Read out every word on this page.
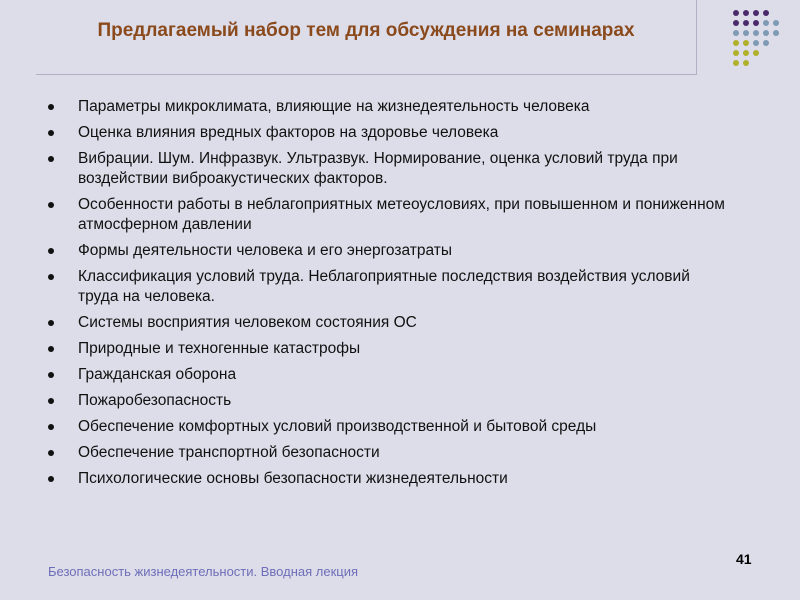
Предлагаемый набор тем для обсуждения на семинарах
Параметры микроклимата, влияющие на жизнедеятельность человека
Оценка влияния вредных факторов на здоровье человека
Вибрации. Шум. Инфразвук. Ультразвук. Нормирование, оценка условий труда при воздействии виброакустических факторов.
Особенности работы в неблагоприятных метеоусловиях, при повышенном и пониженном атмосферном давлении
Формы деятельности человека и его энергозатраты
Классификация условий труда. Неблагоприятные последствия воздействия условий труда на человека.
Системы восприятия человеком состояния ОС
Природные и техногенные катастрофы
Гражданская оборона
Пожаробезопасность
Обеспечение комфортных условий производственной и бытовой среды
Обеспечение транспортной безопасности
Психологические основы безопасности жизнедеятельности
Безопасность жизнедеятельности. Вводная лекция
41
